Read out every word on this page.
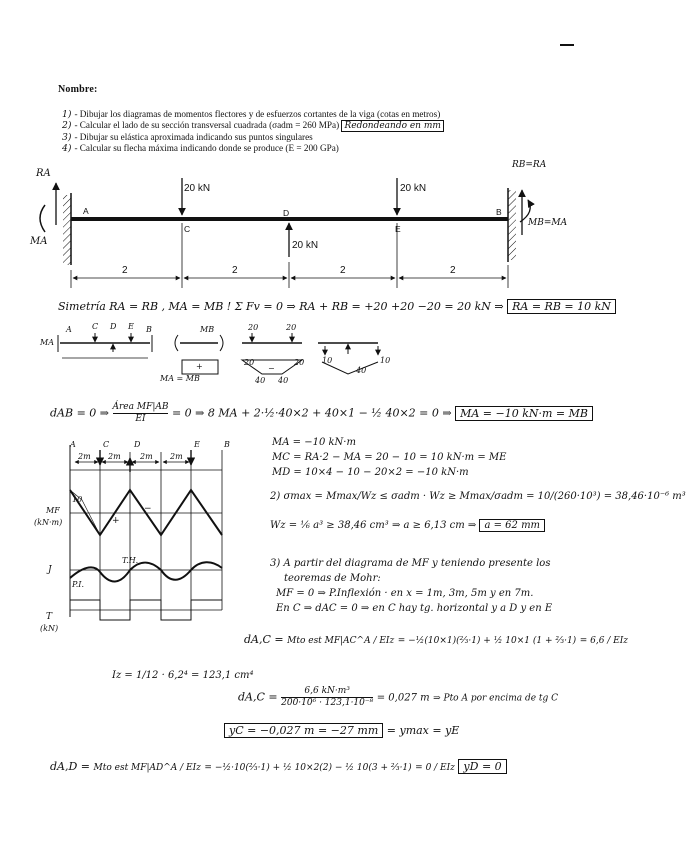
Nombre:
1) - Dibujar los diagramas de momentos flectores y de esfuerzos cortantes de la viga (cotas en metros)
2) - Calcular el lado de su sección transversal cuadrada (σadm = 260 MPa) Redondeando en mm
3) - Dibujar su elástica aproximada indicando sus puntos singulares
4) - Calcular su flecha máxima indicando donde se produce (E = 200 GPa)
20 kN
20 kN
20 kN
A	B
C
D
E
RA
MA
RB=RA
MB=MA
2	2	2	2
Simetría RA = RB , MA = MB ! Σ Fv = 0 ⇒ RA + RB = +20 +20 −20 = 20 kN ⇒ RA = RB = 10 kN
A	C D E B
MA
MB
MA = MB
20	20
20	20
40 40
40
10	10
+	−
dAB = 0 ⇒ Área MF|AB
EI	= 0 ⇒ 8 MA + 2·½·40×2 + 40×1 − ½ 40×2 = 0 ⇒ MA = −10 kN·m = MB
MA = −10 kN·m
MC = RA·2 − MA = 20 − 10 = 10 kN·m = ME
MD = 10×4 − 10 − 20×2 = −10 kN·m
2) σmax = Mmax/Wz ≤ σadm · Wz ≥ Mmax/σadm = 10/(260·10³) = 38,46·10⁻⁶ m³
Wz = ⅙ a³ ≥ 38,46 cm³ ⇒ a ≥ 6,13 cm ⇒ a = 62 mm
3) A partir del diagrama de MF y teniendo presente los
teoremas de Mohr:
MF = 0 ⇒ P.Inflexión · en x = 1m, 3m, 5m y en 7m.
En C ⇒ dAC = 0 ⇒ en C hay tg. horizontal y a D y en E
MF
(kN·m)
J
T
(kN)
2m 2m 2m 2m
10
P.I.
T.H.
+
−
A	C	D	E	B
Iz = 1/12 · 6,2⁴ = 123,1 cm⁴
dA,C = Mto est MF|AC^A / EIz = −½(10×1)(⅔·1) + ½ 10×1 (1 + ⅔·1) = 6,6 / EIz
$dA,C = \frac{\text{6,6 kN·m³}}{\text{200·10⁶ · 123,1·10⁻⁸}} = 0,027$ m ⇒ Pto A por encima de tg C
yC = −0,027 m = −27 mm = ymax = yE
dA,D = Mto est MF|AD^A / EIz = −½·10(⅔·1) + ½ 10×2(2) − ½ 10(3 + ⅔·1) = 0 / EIz yD = 0
